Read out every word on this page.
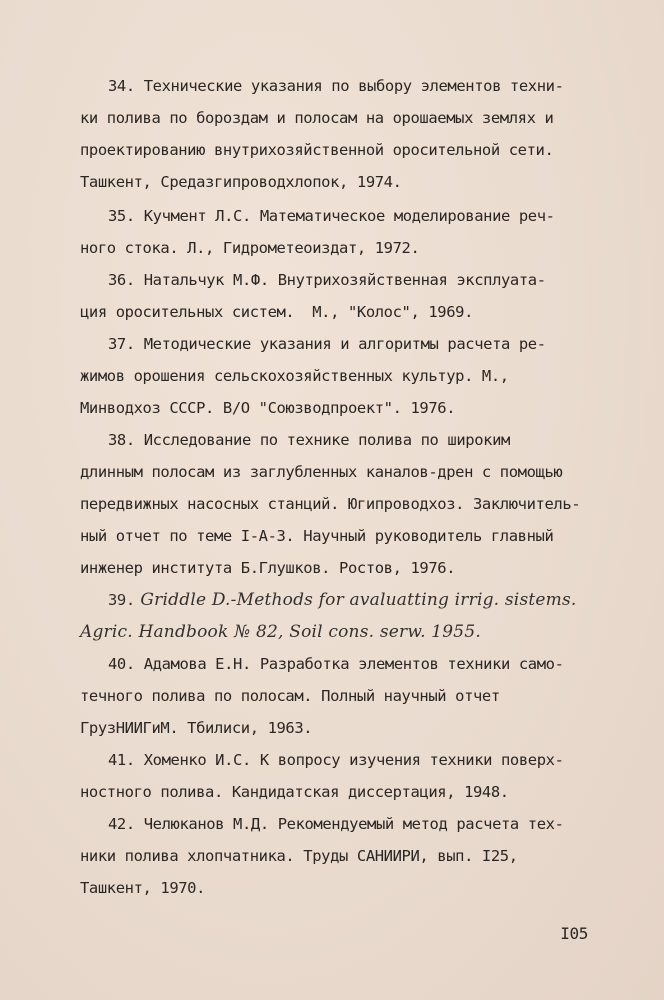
34. Технические указания по выбору элементов техни-
ки полива по бороздам и полосам на орошаемых землях и
проектированию внутрихозяйственной оросительной сети.
Ташкент, Средазгипроводхлопок, 1974.
35. Кучмент Л.С. Математическое моделирование реч-
ного стока. Л., Гидрометеоиздат, 1972.
36. Натальчук М.Ф. Внутрихозяйственная эксплуата-
ция оросительных систем.  М., "Колос", 1969.
37. Методические указания и алгоритмы расчета ре-
жимов орошения сельскохозяйственных культур. М.,
Минводхоз СССР. В/О "Союзводпроект". 1976.
38. Исследование по технике полива по широким
длинным полосам из заглубленных каналов-дрен с помощью
передвижных насосных станций. Югипроводхоз. Заключитель-
ный отчет по теме I-А-3. Научный руководитель главный
инженер института Б.Глушков. Ростов, 1976.
39. Griddle D.-Methods for avaluatting irrig. sistems.
Agric. Handbook № 82, Soil cons. serw. 1955.
40. Адамова Е.Н. Разработка элементов техники само-
течного полива по полосам. Полный научный отчет
ГрузНИИГиМ. Тбилиси, 1963.
41. Хоменко И.С. К вопросу изучения техники поверх-
ностного полива. Кандидатская диссертация, 1948.
42. Челюканов М.Д. Рекомендуемый метод расчета тех-
ники полива хлопчатника. Труды САНИИРИ, вып. I25,
Ташкент, 1970.
I05
